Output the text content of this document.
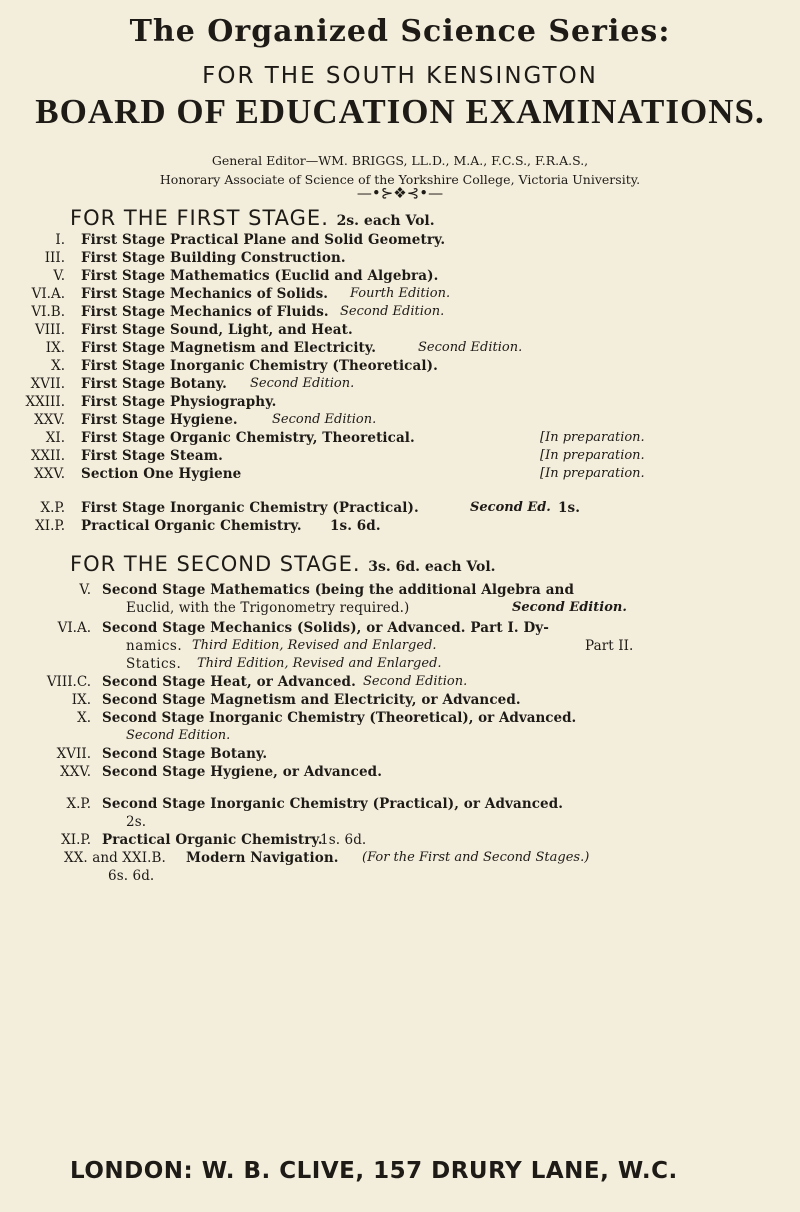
The Organized Science Series:
FOR THE SOUTH KENSINGTON
BOARD OF EDUCATION EXAMINATIONS.
General Editor—WM. BRIGGS, LL.D., M.A., F.C.S., F.R.A.S.,
Honorary Associate of Science of the Yorkshire College, Victoria University.
—•⊱❖⊰•—
FOR THE FIRST STAGE. 2s. each Vol.
I. First Stage Practical Plane and Solid Geometry.
III. First Stage Building Construction.
V. First Stage Mathematics (Euclid and Algebra).
VI.A. First Stage Mechanics of Solids. Fourth Edition.
VI.B. First Stage Mechanics of Fluids. Second Edition.
VIII. First Stage Sound, Light, and Heat.
IX. First Stage Magnetism and Electricity.	Second Edition.
X. First Stage Inorganic Chemistry (Theoretical).
XVII. First Stage Botany. Second Edition.
XXIII. First Stage Physiography.
XXV. First Stage Hygiene.	Second Edition.
XI. First Stage Organic Chemistry, Theoretical.	[In preparation.
XXII. First Stage Steam.	[In preparation.
XXV. Section One Hygiene	[In preparation.
X.P. First Stage Inorganic Chemistry (Practical).	Second Ed. 1s.
XI.P. Practical Organic Chemistry. 1s. 6d.
FOR THE SECOND STAGE. 3s. 6d. each Vol.
V. Second Stage Mathematics (being the additional Algebra and
Euclid, with the Trigonometry required.)	Second Edition.
VI.A. Second Stage Mechanics (Solids), or Advanced. Part I. Dy-
namics. Third Edition, Revised and Enlarged.	Part II.
Statics. Third Edition, Revised and Enlarged.
VIII.C. Second Stage Heat, or Advanced. Second Edition.
IX. Second Stage Magnetism and Electricity, or Advanced.
X. Second Stage Inorganic Chemistry (Theoretical), or Advanced.
Second Edition.
XVII. Second Stage Botany.
XXV. Second Stage Hygiene, or Advanced.
X.P. Second Stage Inorganic Chemistry (Practical), or Advanced.
2s.
XI.P. Practical Organic Chemistry.
1s. 6d.
XX. and XXI.B. Modern Navigation. (For the First and Second Stages.)
6s. 6d.
LONDON: W. B. CLIVE, 157 DRURY LANE, W.C.
